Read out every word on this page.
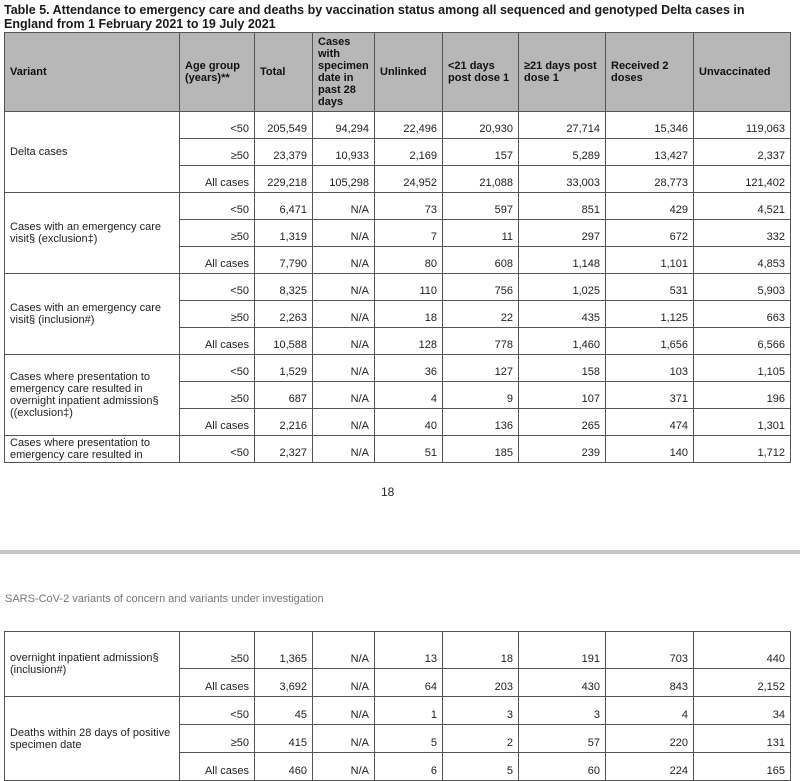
Table 5. Attendance to emergency care and deaths by vaccination status among all sequenced and genotyped Delta cases in England from 1 February 2021 to 19 July 2021
Variant	Age group (years)**	Total	Cases with specimen date in past 28 days	Unlinked	<21 days post dose 1	≥21 days post dose 1	Received 2 doses	Unvaccinated
Delta cases	<50	205,549	94,294	22,496	20,930	27,714	15,346	119,063
	≥50	23,379	10,933	2,169	157	5,289	13,427	2,337
	All cases	229,218	105,298	24,952	21,088	33,003	28,773	121,402
Cases with an emergency care visit§ (exclusion‡)	<50	6,471	N/A	73	597	851	429	4,521
	≥50	1,319	N/A	7	11	297	672	332
	All cases	7,790	N/A	80	608	1,148	1,101	4,853
Cases with an emergency care visit§ (inclusion#)	<50	8,325	N/A	110	756	1,025	531	5,903
	≥50	2,263	N/A	18	22	435	1,125	663
	All cases	10,588	N/A	128	778	1,460	1,656	6,566
Cases where presentation to emergency care resulted in overnight inpatient admission§ ((exclusion‡)	<50	1,529	N/A	36	127	158	103	1,105
	≥50	687	N/A	4	9	107	371	196
	All cases	2,216	N/A	40	136	265	474	1,301
Cases where presentation to emergency care resulted in	<50	2,327	N/A	51	185	239	140	1,712
18
SARS-CoV-2 variants of concern and variants under investigation
overnight inpatient admission§ (inclusion#)	≥50	1,365	N/A	13	18	191	703	440
	All cases	3,692	N/A	64	203	430	843	2,152
Deaths within 28 days of positive specimen date	<50	45	N/A	1	3	3	4	34
	≥50	415	N/A	5	2	57	220	131
	All cases	460	N/A	6	5	60	224	165
